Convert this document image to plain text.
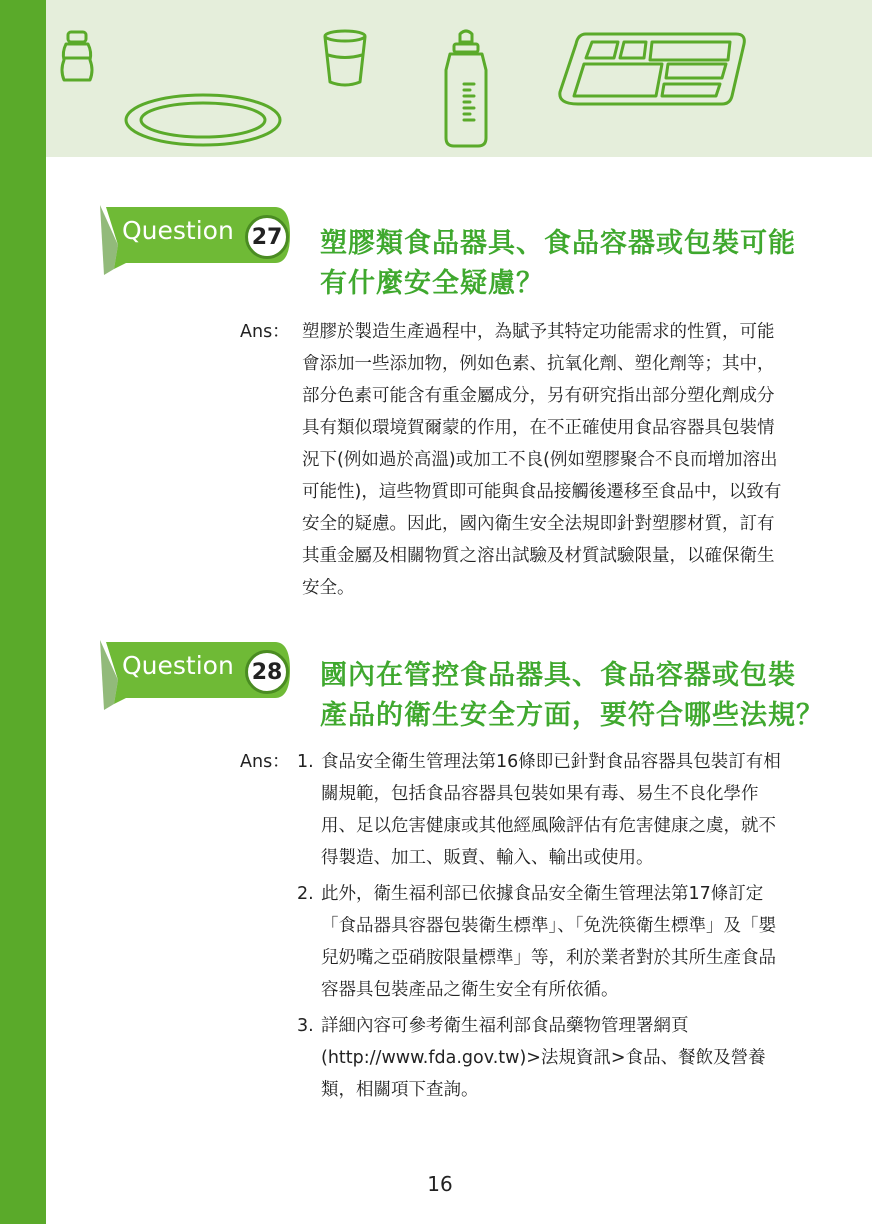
Question 27 塑膠類食品器具、食品容器或包裝可能
有什麼安全疑慮？
Ans： 塑膠於製造生產過程中，為賦予其特定功能需求的性質，可能會添加一些添加物，例如色素、抗氧化劑、塑化劑等；其中，部分色素可能含有重金屬成分，另有研究指出部分塑化劑成分具有類似環境賀爾蒙的作用，在不正確使用食品容器具包裝情況下(例如過於高溫)或加工不良(例如塑膠聚合不良而增加溶出可能性)，這些物質即可能與食品接觸後遷移至食品中，以致有安全的疑慮。因此，國內衛生安全法規即針對塑膠材質，訂有其重金屬及相關物質之溶出試驗及材質試驗限量，以確保衛生安全。
Question 28 國內在管控食品器具、食品容器或包裝
產品的衛生安全方面，要符合哪些法規？
Ans： 1. 食品安全衛生管理法第16條即已針對食品容器具包裝訂有相關規範，包括食品容器具包裝如果有毒、易生不良化學作用、足以危害健康或其他經風險評估有危害健康之虞，就不得製造、加工、販賣、輸入、輸出或使用。
2. 此外，衛生福利部已依據食品安全衛生管理法第17條訂定「食品器具容器包裝衛生標準」、「免洗筷衛生標準」及「嬰兒奶嘴之亞硝胺限量標準」等，利於業者對於其所生產食品容器具包裝產品之衛生安全有所依循。
3. 詳細內容可參考衛生福利部食品藥物管理署網頁(http://www.fda.gov.tw)>法規資訊>食品、餐飲及營養類，相關項下查詢。
16
